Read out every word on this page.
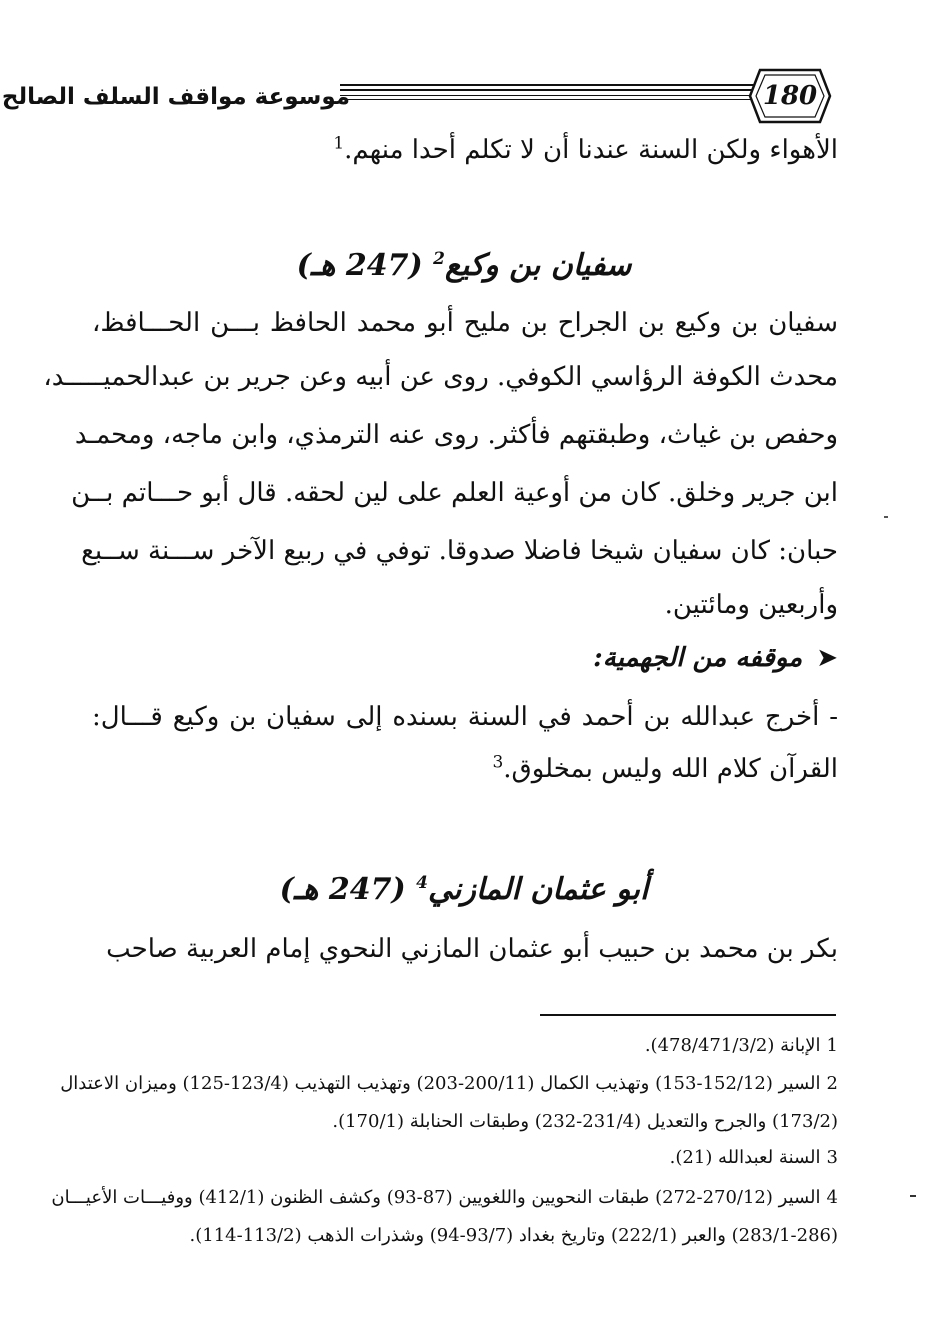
موسوعة مواقف السلف الصالح	180
الأهواء ولكن السنة عندنا أن لا تكلم أحدا منهم.$^1$
سفيان بن وكيع$^2$ (247 هـ)
سفيان بن وكيع بن الجراح بن مليح أبو محمد الحافظ بـــن الحـــافظ،
محدث الكوفة الرؤاسي الكوفي. روى عن أبيه وعن جرير بن عبدالحميـــــد،
وحفص بن غياث، وطبقتهم فأكثر. روى عنه الترمذي، وابن ماجه، ومحمـد
ابن جرير وخلق. كان من أوعية العلم على لين لحقه. قال أبو حـــاتم بــن
حبان: كان سفيان شيخا فاضلا صدوقا. توفي في ربيع الآخر ســـنة ســبع
وأربعين ومائتين.
➤موقفه من الجهمية:
- أخرج عبدالله بن أحمد في السنة بسنده إلى سفيان بن وكيع قـــال:
القرآن كلام الله وليس بمخلوق.$^3$
أبو عثمان المازني$^4$ (247 هـ)
بكر بن محمد بن حبيب أبو عثمان المازني النحوي إمام العربية صاحب
1الإبانة (478/471/3/2).
2السير (152/12-153) وتهذيب الكمال (200/11-203) وتهذيب التهذيب (123/4-125) وميزان الاعتدال
(173/2) والجرح والتعديل (231/4-232) وطبقات الحنابلة (170/1).
3السنة لعبدالله (21).
4السير (270/12-272) طبقات النحويين واللغويين (87-93) وكشف الظنون (412/1) ووفيـــات الأعيـــان
(283/1-286) والعبر (222/1) وتاريخ بغداد (93/7-94) وشذرات الذهب (113/2-114).
